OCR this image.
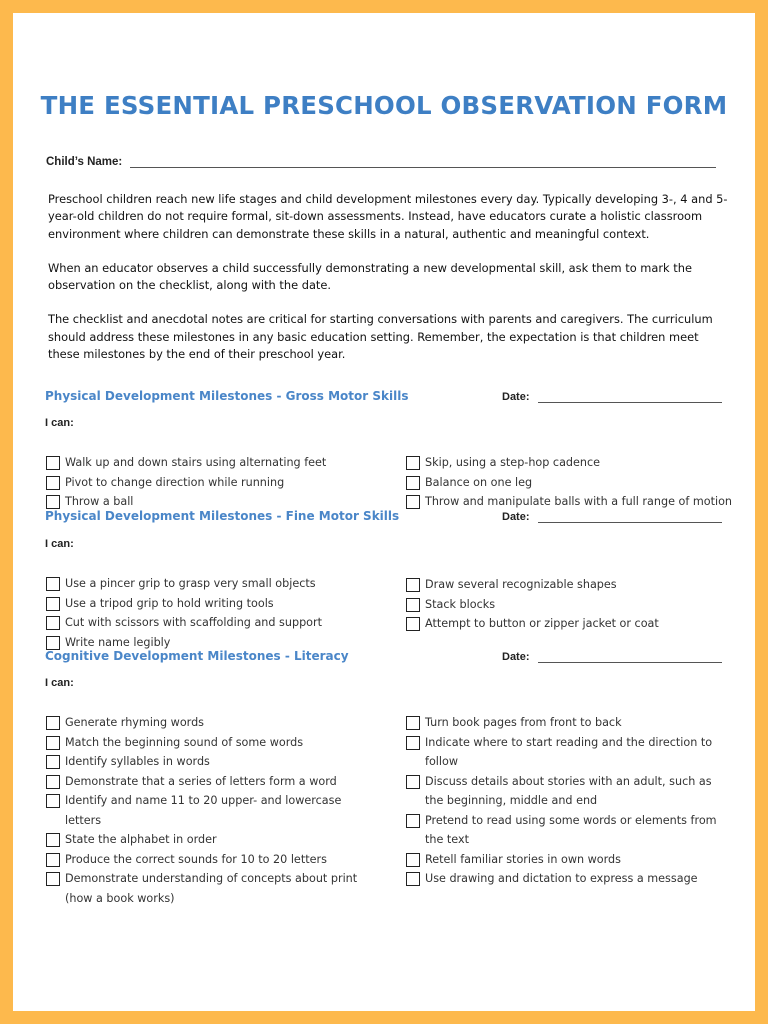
THE ESSENTIAL PRESCHOOL OBSERVATION FORM
Child’s Name:

Preschool children reach new life stages and child development milestones every day. Typically developing 3-, 4 and 5-year-old children do not require formal, sit-down assessments. Instead, have educators curate a holistic classroom environment where children can demonstrate these skills in a natural, authentic and meaningful context.

When an educator observes a child successfully demonstrating a new developmental skill, ask them to mark the observation on the checklist, along with the date.

The checklist and anecdotal notes are critical for starting conversations with parents and caregivers. The curriculum should address these milestones in any basic education setting. Remember, the expectation is that children meet these milestones by the end of their preschool year.

Physical Development Milestones - Gross Motor Skills	Date:
I can:
Walk up and down stairs using alternating feet
Pivot to change direction while running
Throw a ball
Skip, using a step-hop cadence
Balance on one leg
Throw and manipulate balls with a full range of motion
Physical Development Milestones - Fine Motor Skills	Date:
I can:
Use a pincer grip to grasp very small objects
Use a tripod grip to hold writing tools
Cut with scissors with scaffolding and support
Write name legibly
Draw several recognizable shapes
Stack blocks
Attempt to button or zipper jacket or coat
Cognitive Development Milestones - Literacy	Date:
I can:
Generate rhyming words
Match the beginning sound of some words
Identify syllables in words
Demonstrate that a series of letters form a word
Identify and name 11 to 20 upper- and lowercase letters
State the alphabet in order
Produce the correct sounds for 10 to 20 letters
Demonstrate understanding of concepts about print (how a book works)
Turn book pages from front to back
Indicate where to start reading and the direction to follow
Discuss details about stories with an adult, such as the beginning, middle and end
Pretend to read using some words or elements from the text
Retell familiar stories in own words
Use drawing and dictation to express a message
